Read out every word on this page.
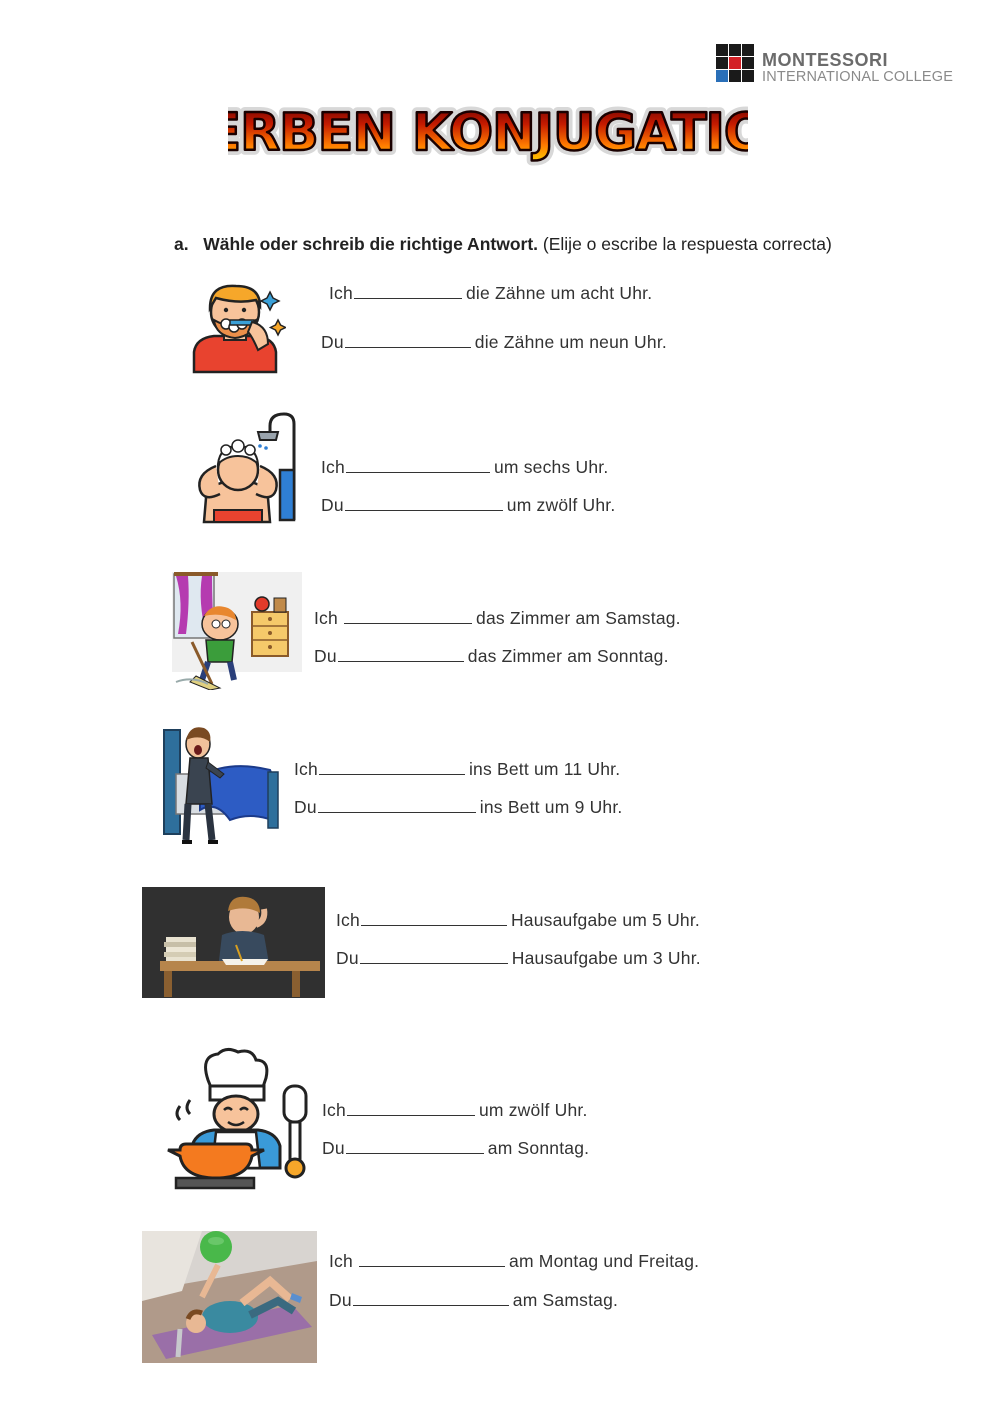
MONTESSORI
INTERNATIONAL COLLEGE
RBEN KONJUGATIO
RBEN KONJUGATIO
a. Wähle oder schreib die richtige Antwort. (Elije o escribe la respuesta correcta)
Ich	die Zähne um acht Uhr.
Du	die Zähne um neun Uhr.
Ich	um sechs Uhr.
Du	um zwölf Uhr.
Ich	das Zimmer am Samstag.
Du	das Zimmer am Sonntag.
Ich	ins Bett um 11 Uhr.
Du	ins Bett um 9 Uhr.
Ich	Hausaufgabe um 5 Uhr.
Du	Hausaufgabe um 3 Uhr.
Ich	um zwölf Uhr.
Du	am Sonntag.
Ich	am Montag und Freitag.
Du	am Samstag.
